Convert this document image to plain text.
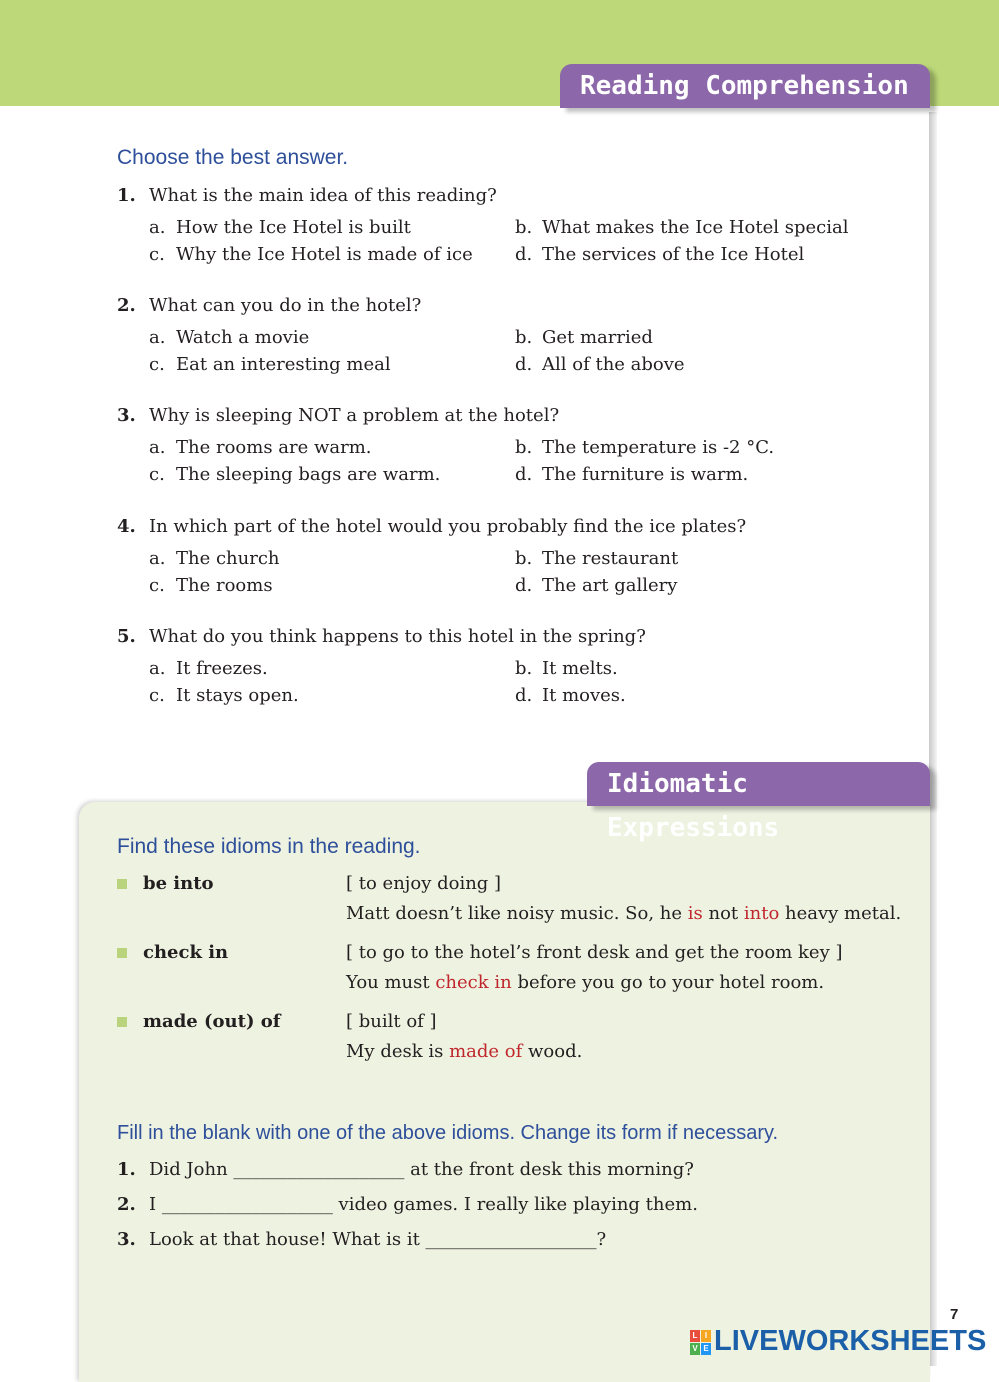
Reading Comprehension
Choose the best answer.
1. What is the main idea of this reading?
a. How the Ice Hotel is built	b. What makes the Ice Hotel special
c. Why the Ice Hotel is made of ice d. The services of the Ice Hotel
2. What can you do in the hotel?
a. Watch a movie	b. Get married
c. Eat an interesting meal	d. All of the above
3. Why is sleeping NOT a problem at the hotel?
a. The rooms are warm.	b. The temperature is -2 °C.
c. The sleeping bags are warm.	d. The furniture is warm.
4. In which part of the hotel would you probably find the ice plates?
a. The church	b. The restaurant
c. The rooms	d. The art gallery
5. What do you think happens to this hotel in the spring?
a. It freezes.	b. It melts.
c. It stays open.	d. It moves.
Idiomatic Expressions
Find these idioms in the reading.
be into	[ to enjoy doing ]
Matt doesn’t like noisy music. So, he is not into heavy metal.
check in	[ to go to the hotel’s front desk and get the room key ]
You must check in before you go to your hotel room.
made (out) of	[ built of ]
My desk is made of wood.
Fill in the blank with one of the above idioms. Change its form if necessary.
1. Did John ___________________ at the front desk this morning?
2. I ___________________ video games. I really like playing them.
3. Look at that house! What is it ___________________?
7
L I
V E LIVEWORKSHEETS
